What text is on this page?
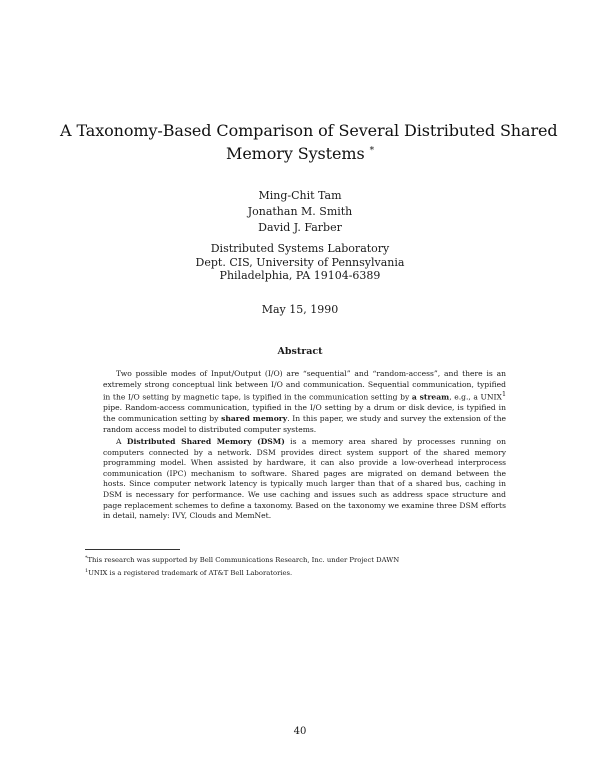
A Taxonomy-Based Comparison of Several Distributed Shared
Memory Systems *
Ming-Chit Tam
Jonathan M. Smith
David J. Farber
Distributed Systems Laboratory
Dept. CIS, University of Pennsylvania
Philadelphia, PA 19104-6389
May 15, 1990
Abstract

Two possible modes of Input/Output (I/O) are “sequential” and “random-access”, and there is an extremely strong conceptual link between I/O and communication. Sequential communication, typified in the I/O setting by magnetic tape, is typified in the communication setting by a stream, e.g., a UNIX$^1$ pipe. Random-access communication, typified in the I/O setting by a drum or disk device, is typified in the communication setting by shared memory. In this paper, we study and survey the extension of the random access model to distributed computer systems.

A Distributed Shared Memory (DSM) is a memory area shared by processes running on computers connected by a network. DSM provides direct system support of the shared memory programming model. When assisted by hardware, it can also provide a low-overhead interprocess communication (IPC) mechanism to software. Shared pages are migrated on demand between the hosts. Since computer network latency is typically much larger than that of a shared bus, caching in DSM is necessary for performance. We use caching and issues such as address space structure and page replacement schemes to define a taxonomy. Based on the taxonomy we examine three DSM efforts in detail, namely: IVY, Clouds and MemNet.

*This research was supported by Bell Communications Research, Inc. under Project DAWN
$^1$UNIX is a registered trademark of AT&T Bell Laboratories.
40
